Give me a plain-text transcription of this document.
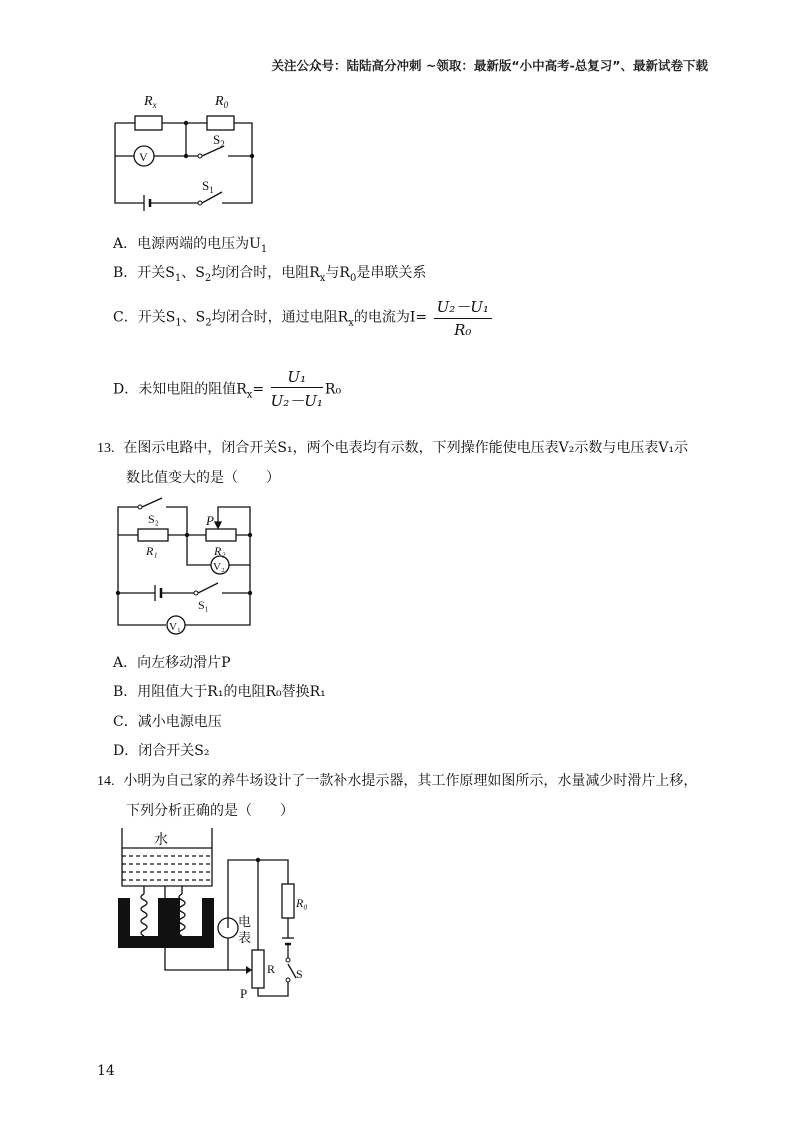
关注公众号：陆陆高分冲刺 ~领取：最新版“小中高考-总复习”、最新试卷下载
$R_x$	$R_0$
$S_2$
$S_1$
V
A．电源两端的电压为$U_1$
B．开关$S_1$、$S_2$均闭合时，电阻$R_x$与$R_0$是串联关系
C．开关$S_1$、$S_2$均闭合时，通过电阻$R_x$的电流为$I= \frac{\text{U₂－U₁}}{\text{R₀}}$
D．未知电阻的阻值$R_x= \frac{\text{U₁}}{\text{U₂－U₁}} R_0$
13. 在图示电路中，闭合开关S₁，两个电表均有示数，下列操作能使电压表V₂示数与电压表V₁示
数比值变大的是（　　）
S₂	P
R₁	R₂
V₂
S₁
V₁
A．向左移动滑片P
B．用阻值大于R₁的电阻R₀替换R₁
C．减小电源电压
D．闭合开关S₂
14. 小明为自己家的养牛场设计了一款补水提示器，其工作原理如图所示，水量减少时滑片上移，
下列分析正确的是（　　）
水
电
表
R₀
R S
P
14
